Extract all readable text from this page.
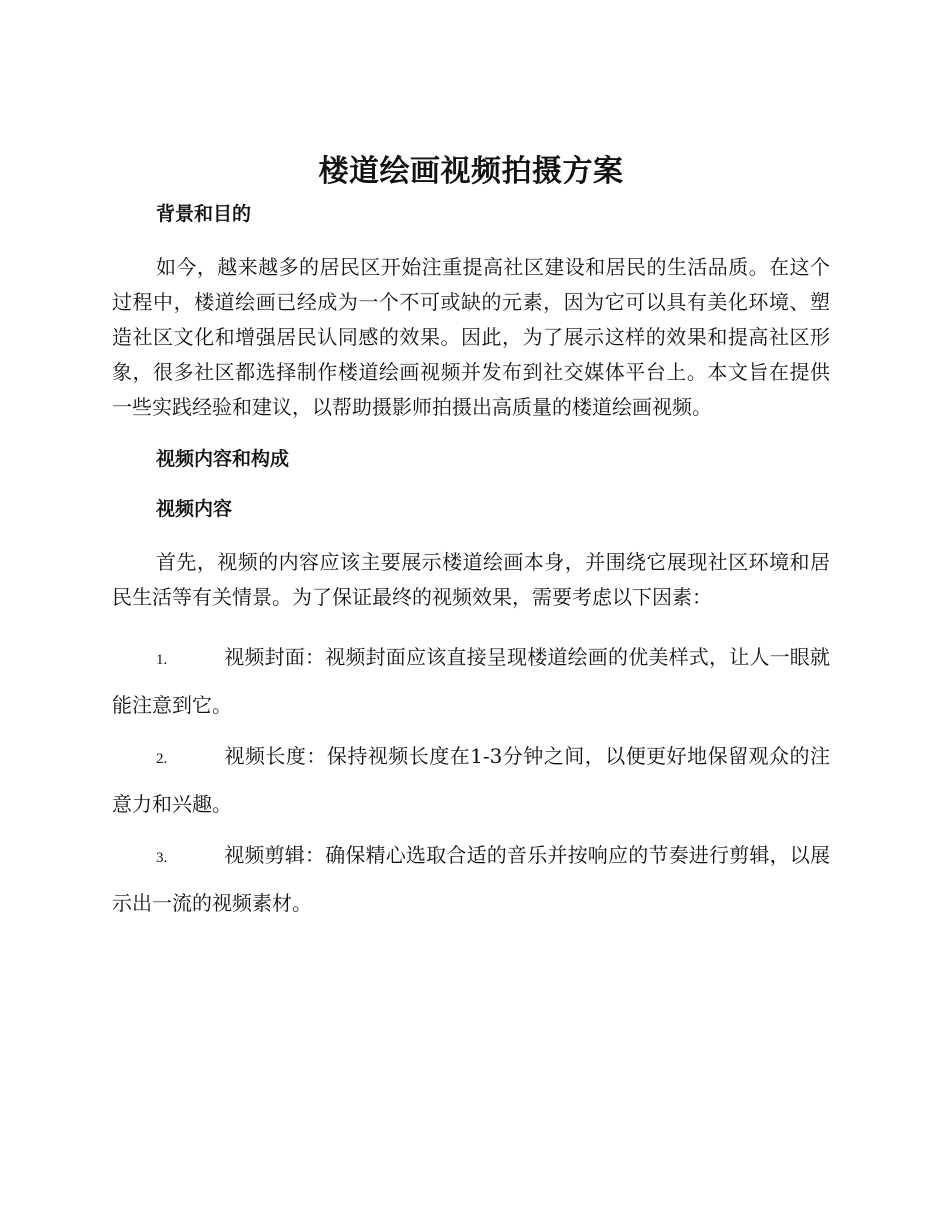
楼道绘画视频拍摄方案
背景和目的

如今，越来越多的居民区开始注重提高社区建设和居民的生活品质。在这个过程中，楼道绘画已经成为一个不可或缺的元素，因为它可以具有美化环境、塑造社区文化和增强居民认同感的效果。因此，为了展示这样的效果和提高社区形象，很多社区都选择制作楼道绘画视频并发布到社交媒体平台上。本文旨在提供一些实践经验和建议，以帮助摄影师拍摄出高质量的楼道绘画视频。

视频内容和构成
视频内容

首先，视频的内容应该主要展示楼道绘画本身，并围绕它展现社区环境和居民生活等有关情景。为了保证最终的视频效果，需要考虑以下因素：

1.	视频封面：视频封面应该直接呈现楼道绘画的优美样式，让人一眼就能注意到它。
2.	视频长度：保持视频长度在1-3分钟之间，以便更好地保留观众的注意力和兴趣。
3.	视频剪辑：确保精心选取合适的音乐并按响应的节奏进行剪辑，以展示出一流的视频素材。
